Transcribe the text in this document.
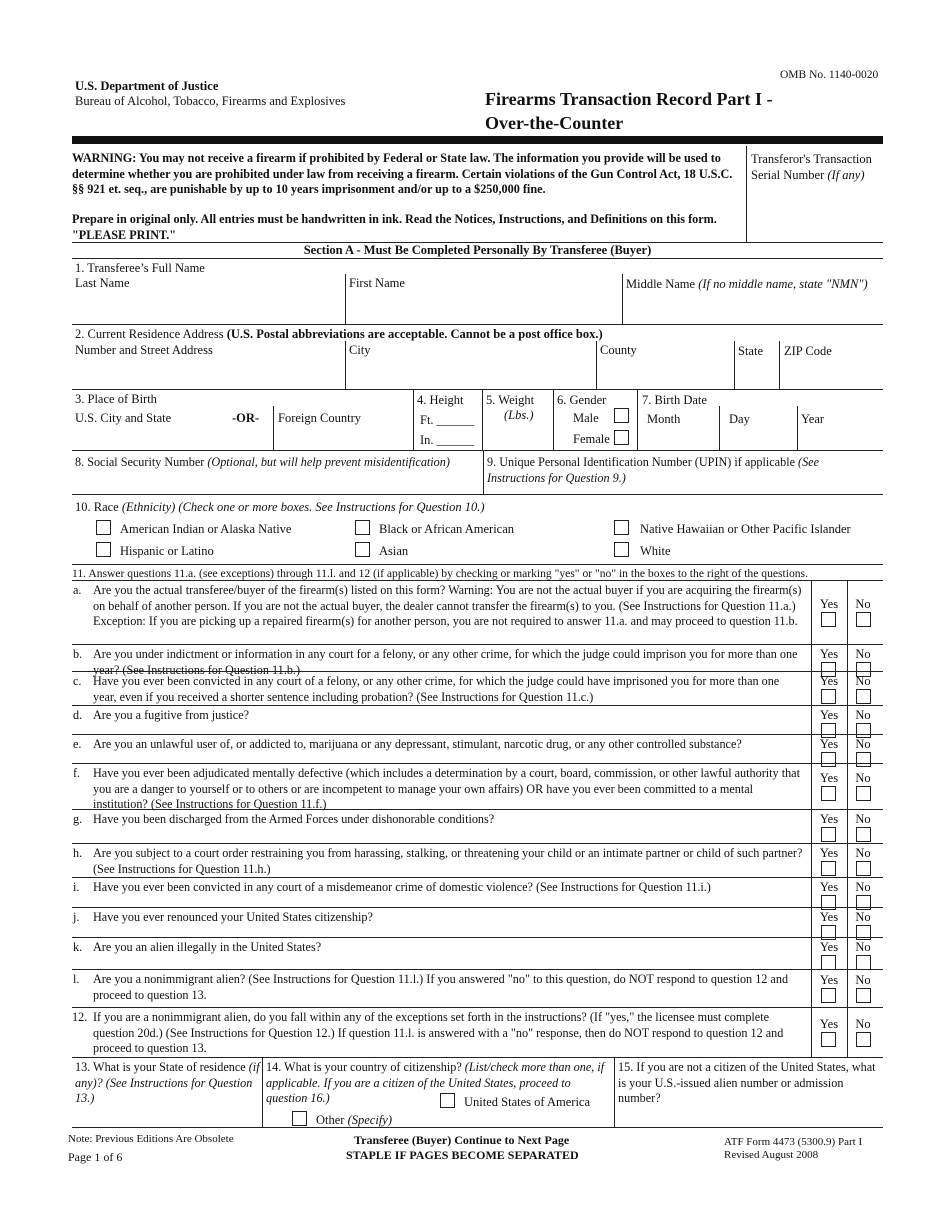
OMB No. 1140-0020
U.S. Department of Justice
Bureau of Alcohol, Tobacco, Firearms and Explosives	Firearms Transaction Record Part I -
Over-the-Counter
WARNING: You may not receive a firearm if prohibited by Federal or State law. The information you provide will be used to determine whether you are prohibited under law from receiving a firearm. Certain violations of the Gun Control Act, 18 U.S.C. §§ 921 et. seq., are punishable by up to 10 years imprisonment and/or up to a $250,000 fine.
Prepare in original only. All entries must be handwritten in ink. Read the Notices, Instructions, and Definitions on this form. "PLEASE PRINT."
Transferor's Transaction Serial Number (If any)
Section A - Must Be Completed Personally By Transferee (Buyer)
1. Transferee’s Full Name
Last Name	First Name	Middle Name (If no middle name, state "NMN")
2. Current Residence Address (U.S. Postal abbreviations are acceptable. Cannot be a post office box.)
Number and Street Address	City	County	State ZIP Code
3. Place of Birth
U.S. City and State	-OR- Foreign Country
4. Height
Ft. ______
In. ______
5. Weight
(Lbs.)
6. Gender
Male
Female
7. Birth Date
Month	Day	Year
8. Social Security Number (Optional, but will help prevent misidentification)	9. Unique Personal Identification Number (UPIN) if applicable (See Instructions for Question 9.)
10. Race (Ethnicity) (Check one or more boxes. See Instructions for Question 10.)
American Indian or Alaska Native	Black or African American	Native Hawaiian or Other Pacific Islander
Hispanic or Latino	Asian	White
11. Answer questions 11.a. (see exceptions) through 11.l. and 12 (if applicable) by checking or marking "yes" or "no" in the boxes to the right of the questions.
a. Are you the actual transferee/buyer of the firearm(s) listed on this form? Warning: You are not the actual buyer if you are acquiring the firearm(s) on behalf of another person. If you are not the actual buyer, the dealer cannot transfer the firearm(s) to you. (See Instructions for Question 11.a.) Exception: If you are picking up a repaired firearm(s) for another person, you are not required to answer 11.a. and may proceed to question 11.b.
Yes	No
b. Are you under indictment or information in any court for a felony, or any other crime, for which the judge could imprison you for more than one year? (See Instructions for Question 11.b.)
Yes	No
c. Have you ever been convicted in any court of a felony, or any other crime, for which the judge could have imprisoned you for more than one year, even if you received a shorter sentence including probation? (See Instructions for Question 11.c.)
Yes	No
d. Are you a fugitive from justice?	Yes	No
e. Are you an unlawful user of, or addicted to, marijuana or any depressant, stimulant, narcotic drug, or any other controlled substance?	Yes	No
f. Have you ever been adjudicated mentally defective (which includes a determination by a court, board, commission, or other lawful authority that you are a danger to yourself or to others or are incompetent to manage your own affairs) OR have you ever been committed to a mental institution? (See Instructions for Question 11.f.)
Yes	No
g. Have you been discharged from the Armed Forces under dishonorable conditions?	Yes	No
h. Are you subject to a court order restraining you from harassing, stalking, or threatening your child or an intimate partner or child of such partner? (See Instructions for Question 11.h.)
Yes	No
i. Have you ever been convicted in any court of a misdemeanor crime of domestic violence? (See Instructions for Question 11.i.)	Yes	No
j. Have you ever renounced your United States citizenship?	Yes	No
k. Are you an alien illegally in the United States?	Yes	No
l. Are you a nonimmigrant alien? (See Instructions for Question 11.l.) If you answered "no" to this question, do NOT respond to question 12 and proceed to question 13.
Yes	No
12. If you are a nonimmigrant alien, do you fall within any of the exceptions set forth in the instructions? (If "yes," the licensee must complete question 20d.) (See Instructions for Question 12.) If question 11.l. is answered with a "no" response, then do NOT respond to question 12 and proceed to question 13.
Yes	No
13. What is your State of residence (if any)? (See Instructions for Question 13.)
14. What is your country of citizenship? (List/check more than one, if applicable. If you are a citizen of the United States, proceed to question 16.)	United States of America
Other (Specify)
15. If you are not a citizen of the United States, what is your U.S.-issued alien number or admission number?
Note: Previous Editions Are Obsolete
Page 1 of 6
Transferee (Buyer) Continue to Next Page
STAPLE IF PAGES BECOME SEPARATED
ATF Form 4473 (5300.9) Part I
Revised August 2008
